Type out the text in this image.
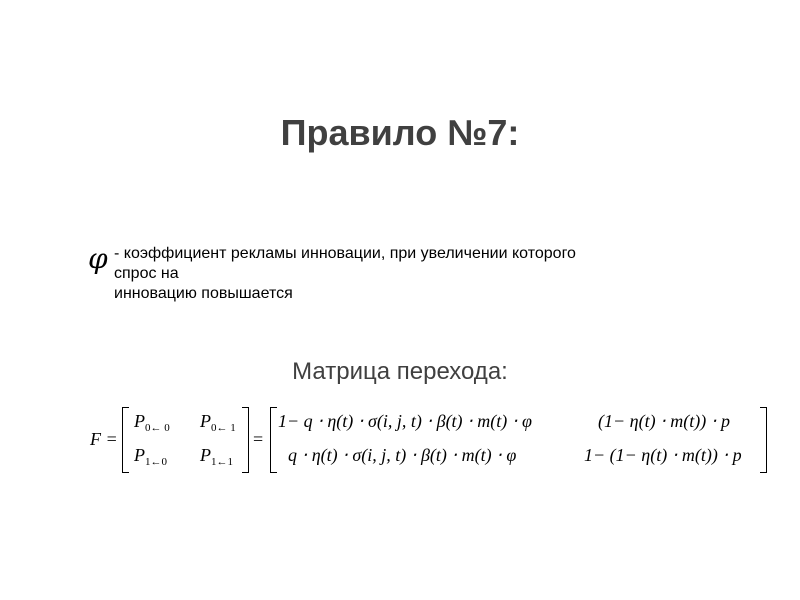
Правило №7:
φ - коэффициент рекламы инновации, при увеличении которого
спрос на
инновацию повышается
Матрица перехода:
F =
$P_{0\leftarrow 0}$ $P_{0\leftarrow 1}$
$P_{1\leftarrow 0}$ $P_{1\leftarrow 1}$
=
1− q ⋅ η(t) ⋅ σ(i, j, t) ⋅ β(t) ⋅ m(t) ⋅ φ	(1− η(t) ⋅ m(t)) ⋅ p
q ⋅ η(t) ⋅ σ(i, j, t) ⋅ β(t) ⋅ m(t) ⋅ φ	1− (1− η(t) ⋅ m(t)) ⋅ p
